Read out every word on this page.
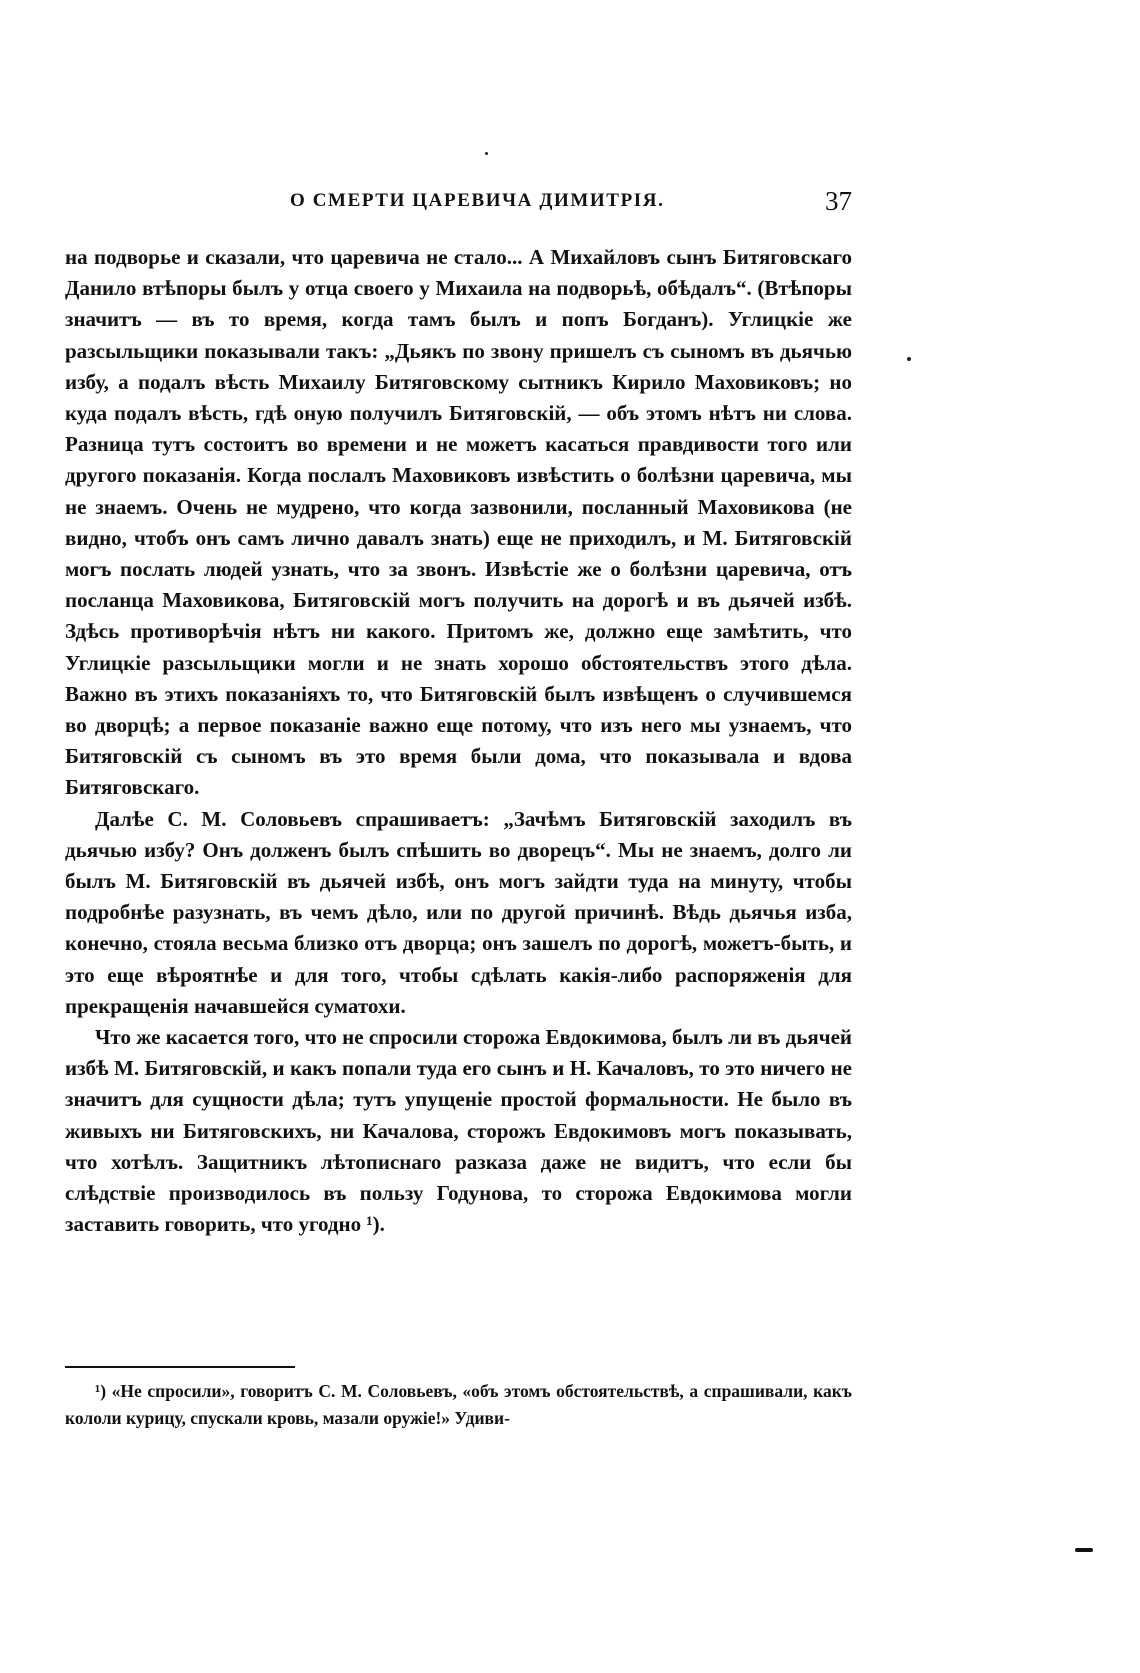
О СМЕРТИ ЦАРЕВИЧА ДИМИТРІЯ.	37

на подворье и сказали, что царевича не стало... А Михайловъ сынъ Битяговскаго Данило втѣпоры былъ у отца своего у Михаила на подворьѣ, обѣдалъ“. (Втѣпоры значитъ — въ то время, когда тамъ былъ и попъ Богданъ). Углицкіе же разсыльщики показывали такъ: „Дьякъ по звону пришелъ съ сыномъ въ дьячью избу, а подалъ вѣсть Михаилу Битяговскому сытникъ Кирило Маховиковъ; но куда подалъ вѣсть, гдѣ оную получилъ Битяговскій, — объ этомъ нѣтъ ни слова. Разница тутъ состоитъ во времени и не можетъ касаться правдивости того или другого показанія. Когда послалъ Маховиковъ извѣстить о болѣзни царевича, мы не знаемъ. Очень не мудрено, что когда зазвонили, посланный Маховикова (не видно, чтобъ онъ самъ лично давалъ знать) еще не приходилъ, и М. Битяговскій могъ послать людей узнать, что за звонъ. Извѣстіе же о болѣзни царевича, отъ посланца Маховикова, Битяговскій могъ получить на дорогѣ и въ дьячей избѣ. Здѣсь противорѣчія нѣтъ ни какого. Притомъ же, должно еще замѣтить, что Углицкіе разсыльщики могли и не знать хорошо обстоятельствъ этого дѣла. Важно въ этихъ показаніяхъ то, что Битяговскій былъ извѣщенъ о случившемся во дворцѣ; а первое показаніе важно еще потому, что изъ него мы узнаемъ, что Битяговскій съ сыномъ въ это время были дома, что показывала и вдова Битяговскаго.

Далѣе С. М. Соловьевъ спрашиваетъ: „Зачѣмъ Битяговскій заходилъ въ дьячью избу? Онъ долженъ былъ спѣшить во дворецъ“. Мы не знаемъ, долго ли былъ М. Битяговскій въ дьячей избѣ, онъ могъ зайдти туда на минуту, чтобы подробнѣе разузнать, въ чемъ дѣло, или по другой причинѣ. Вѣдь дьячья изба, конечно, стояла весьма близко отъ дворца; онъ зашелъ по дорогѣ, можетъ-быть, и это еще вѣроятнѣе и для того, чтобы сдѣлать какія-либо распоряженія для прекращенія начавшейся суматохи.

Что же касается того, что не спросили сторожа Евдокимова, былъ ли въ дьячей избѣ М. Битяговскій, и какъ попали туда его сынъ и Н. Качаловъ, то это ничего не значитъ для сущности дѣла; тутъ упущеніе простой формальности. Не было въ живыхъ ни Битяговскихъ, ни Качалова, сторожъ Евдокимовъ могъ показывать, что хотѣлъ. Защитникъ лѣтописнаго разказа даже не видитъ, что если бы слѣдствіе производилось въ пользу Годунова, то сторожа Евдокимова могли заставить говорить, что угодно ¹).

¹) «Не спросили», говоритъ С. М. Соловьевъ, «объ этомъ обстоятельствѣ, а спрашивали, какъ кололи курицу, спускали кровь, мазали оружіе!» Удиви-
